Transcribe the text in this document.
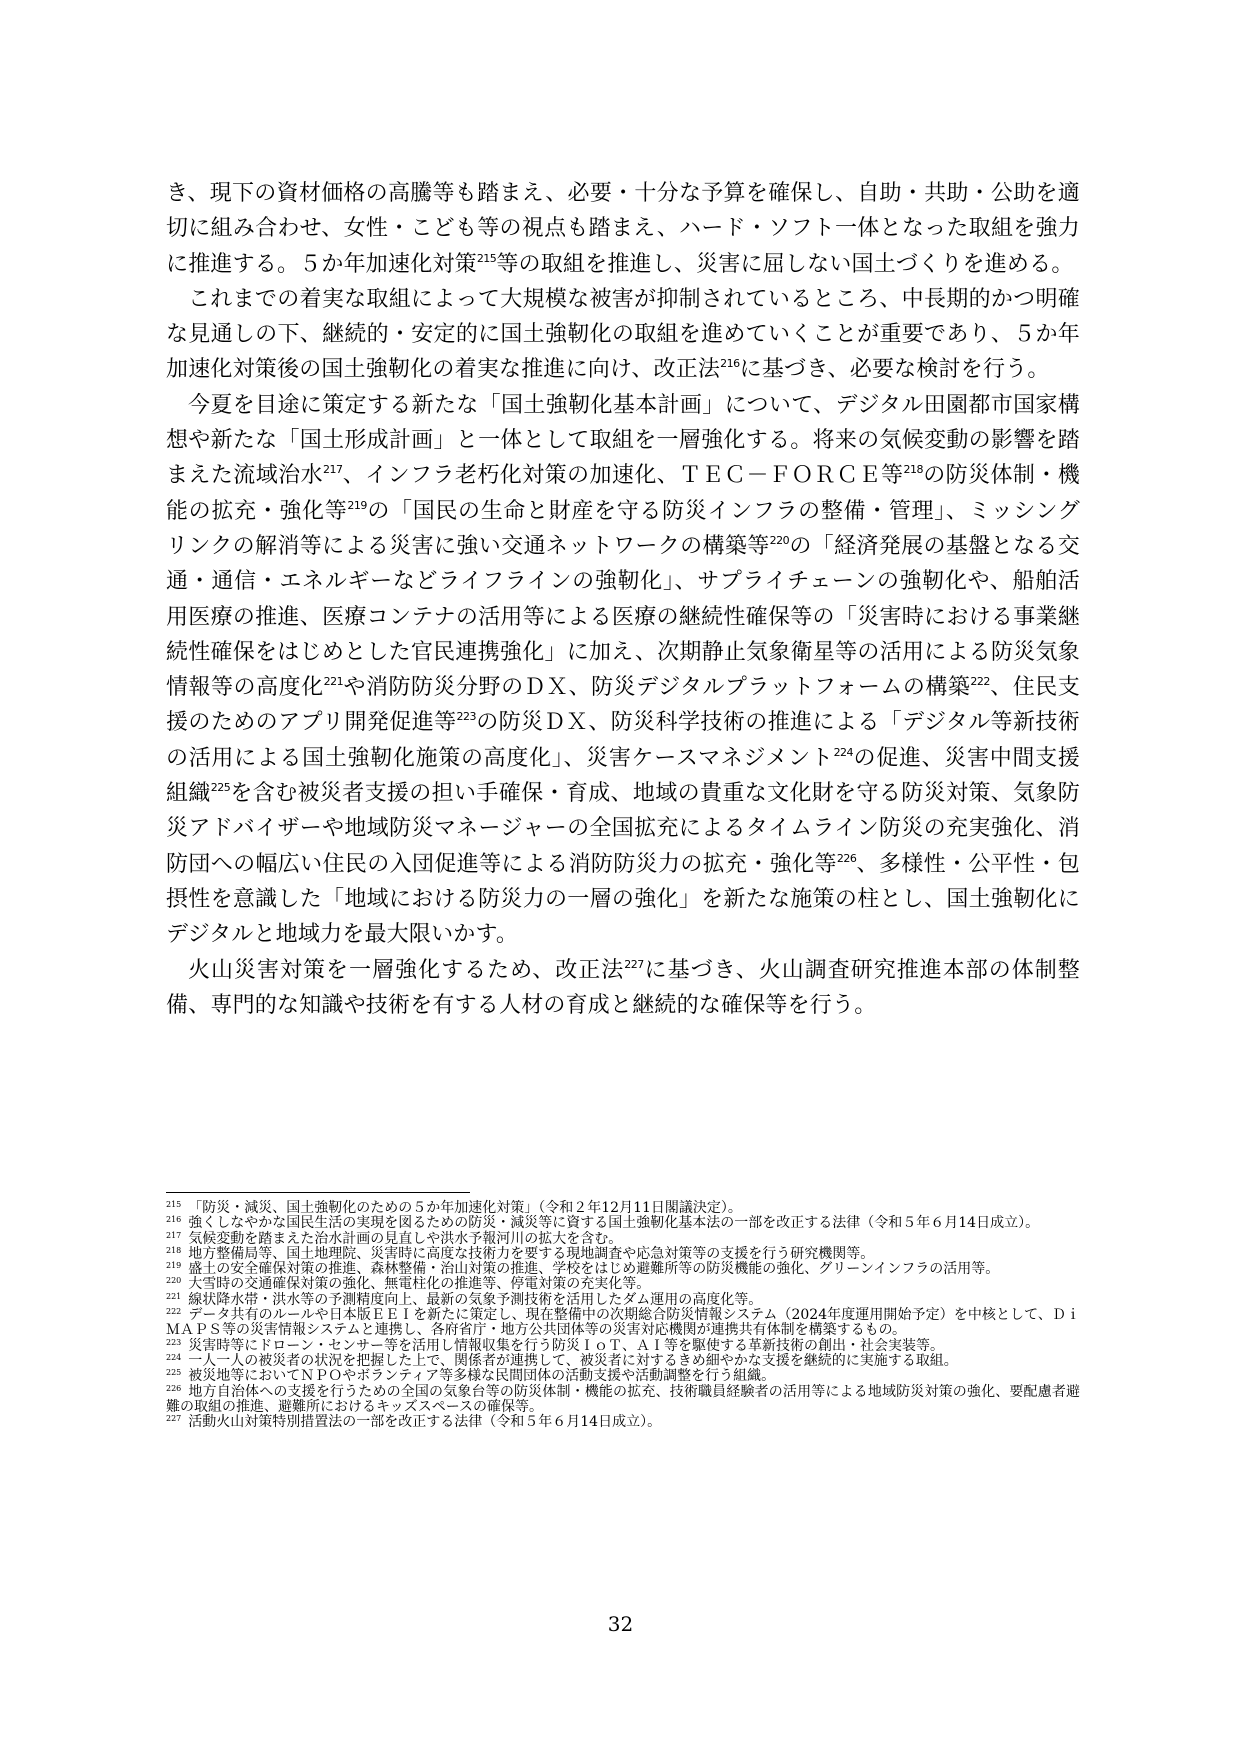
き、現下の資材価格の高騰等も踏まえ、必要・十分な予算を確保し、自助・共助・公助を適切に組み合わせ、女性・こども等の視点も踏まえ、ハード・ソフト一体となった取組を強力に推進する。５か年加速化対策$^{215}$等の取組を推進し、災害に屈しない国土づくりを進める。

これまでの着実な取組によって大規模な被害が抑制されているところ、中長期的かつ明確な見通しの下、継続的・安定的に国土強靭化の取組を進めていくことが重要であり、５か年加速化対策後の国土強靭化の着実な推進に向け、改正法$^{216}$に基づき、必要な検討を行う。

今夏を目途に策定する新たな「国土強靭化基本計画」について、デジタル田園都市国家構想や新たな「国土形成計画」と一体として取組を一層強化する。将来の気候変動の影響を踏まえた流域治水$^{217}$、インフラ老朽化対策の加速化、ＴＥＣ－ＦＯＲＣＥ等$^{218}$の防災体制・機能の拡充・強化等$^{219}$の「国民の生命と財産を守る防災インフラの整備・管理」、ミッシングリンクの解消等による災害に強い交通ネットワークの構築等$^{220}$の「経済発展の基盤となる交通・通信・エネルギーなどライフラインの強靭化」、サプライチェーンの強靭化や、船舶活用医療の推進、医療コンテナの活用等による医療の継続性確保等の「災害時における事業継続性確保をはじめとした官民連携強化」に加え、次期静止気象衛星等の活用による防災気象情報等の高度化$^{221}$や消防防災分野のＤＸ、防災デジタルプラットフォームの構築$^{222}$、住民支援のためのアプリ開発促進等$^{223}$の防災ＤＸ、防災科学技術の推進による「デジタル等新技術の活用による国土強靭化施策の高度化」、災害ケースマネジメント$^{224}$の促進、災害中間支援組織$^{225}$を含む被災者支援の担い手確保・育成、地域の貴重な文化財を守る防災対策、気象防災アドバイザーや地域防災マネージャーの全国拡充によるタイムライン防災の充実強化、消防団への幅広い住民の入団促進等による消防防災力の拡充・強化等$^{226}$、多様性・公平性・包摂性を意識した「地域における防災力の一層の強化」を新たな施策の柱とし、国土強靭化にデジタルと地域力を最大限いかす。

火山災害対策を一層強化するため、改正法$^{227}$に基づき、火山調査研究推進本部の体制整備、専門的な知識や技術を有する人材の育成と継続的な確保等を行う。

$^{215}$ 「防災・減災、国土強靭化のための５か年加速化対策」（令和２年12月11日閣議決定）。
$^{216}$ 強くしなやかな国民生活の実現を図るための防災・減災等に資する国土強靭化基本法の一部を改正する法律（令和５年６月14日成立）。
$^{217}$ 気候変動を踏まえた治水計画の見直しや洪水予報河川の拡大を含む。
$^{218}$ 地方整備局等、国土地理院、災害時に高度な技術力を要する現地調査や応急対策等の支援を行う研究機関等。
$^{219}$ 盛土の安全確保対策の推進、森林整備・治山対策の推進、学校をはじめ避難所等の防災機能の強化、グリーンインフラの活用等。
$^{220}$ 大雪時の交通確保対策の強化、無電柱化の推進等、停電対策の充実化等。
$^{221}$ 線状降水帯・洪水等の予測精度向上、最新の気象予測技術を活用したダム運用の高度化等。
$^{222}$ データ共有のルールや日本版ＥＥＩを新たに策定し、現在整備中の次期総合防災情報システム（2024年度運用開始予定）を中核として、ＤｉＭＡＰＳ等の災害情報システムと連携し、各府省庁・地方公共団体等の災害対応機関が連携共有体制を構築するもの。
$^{223}$ 災害時等にドローン・センサー等を活用し情報収集を行う防災ＩｏＴ、ＡＩ等を駆使する革新技術の創出・社会実装等。
$^{224}$ 一人一人の被災者の状況を把握した上で、関係者が連携して、被災者に対するきめ細やかな支援を継続的に実施する取組。
$^{225}$ 被災地等においてＮＰＯやボランティア等多様な民間団体の活動支援や活動調整を行う組織。
$^{226}$ 地方自治体への支援を行うための全国の気象台等の防災体制・機能の拡充、技術職員経験者の活用等による地域防災対策の強化、要配慮者避難の取組の推進、避難所におけるキッズスペースの確保等。
$^{227}$ 活動火山対策特別措置法の一部を改正する法律（令和５年６月14日成立）。
32
